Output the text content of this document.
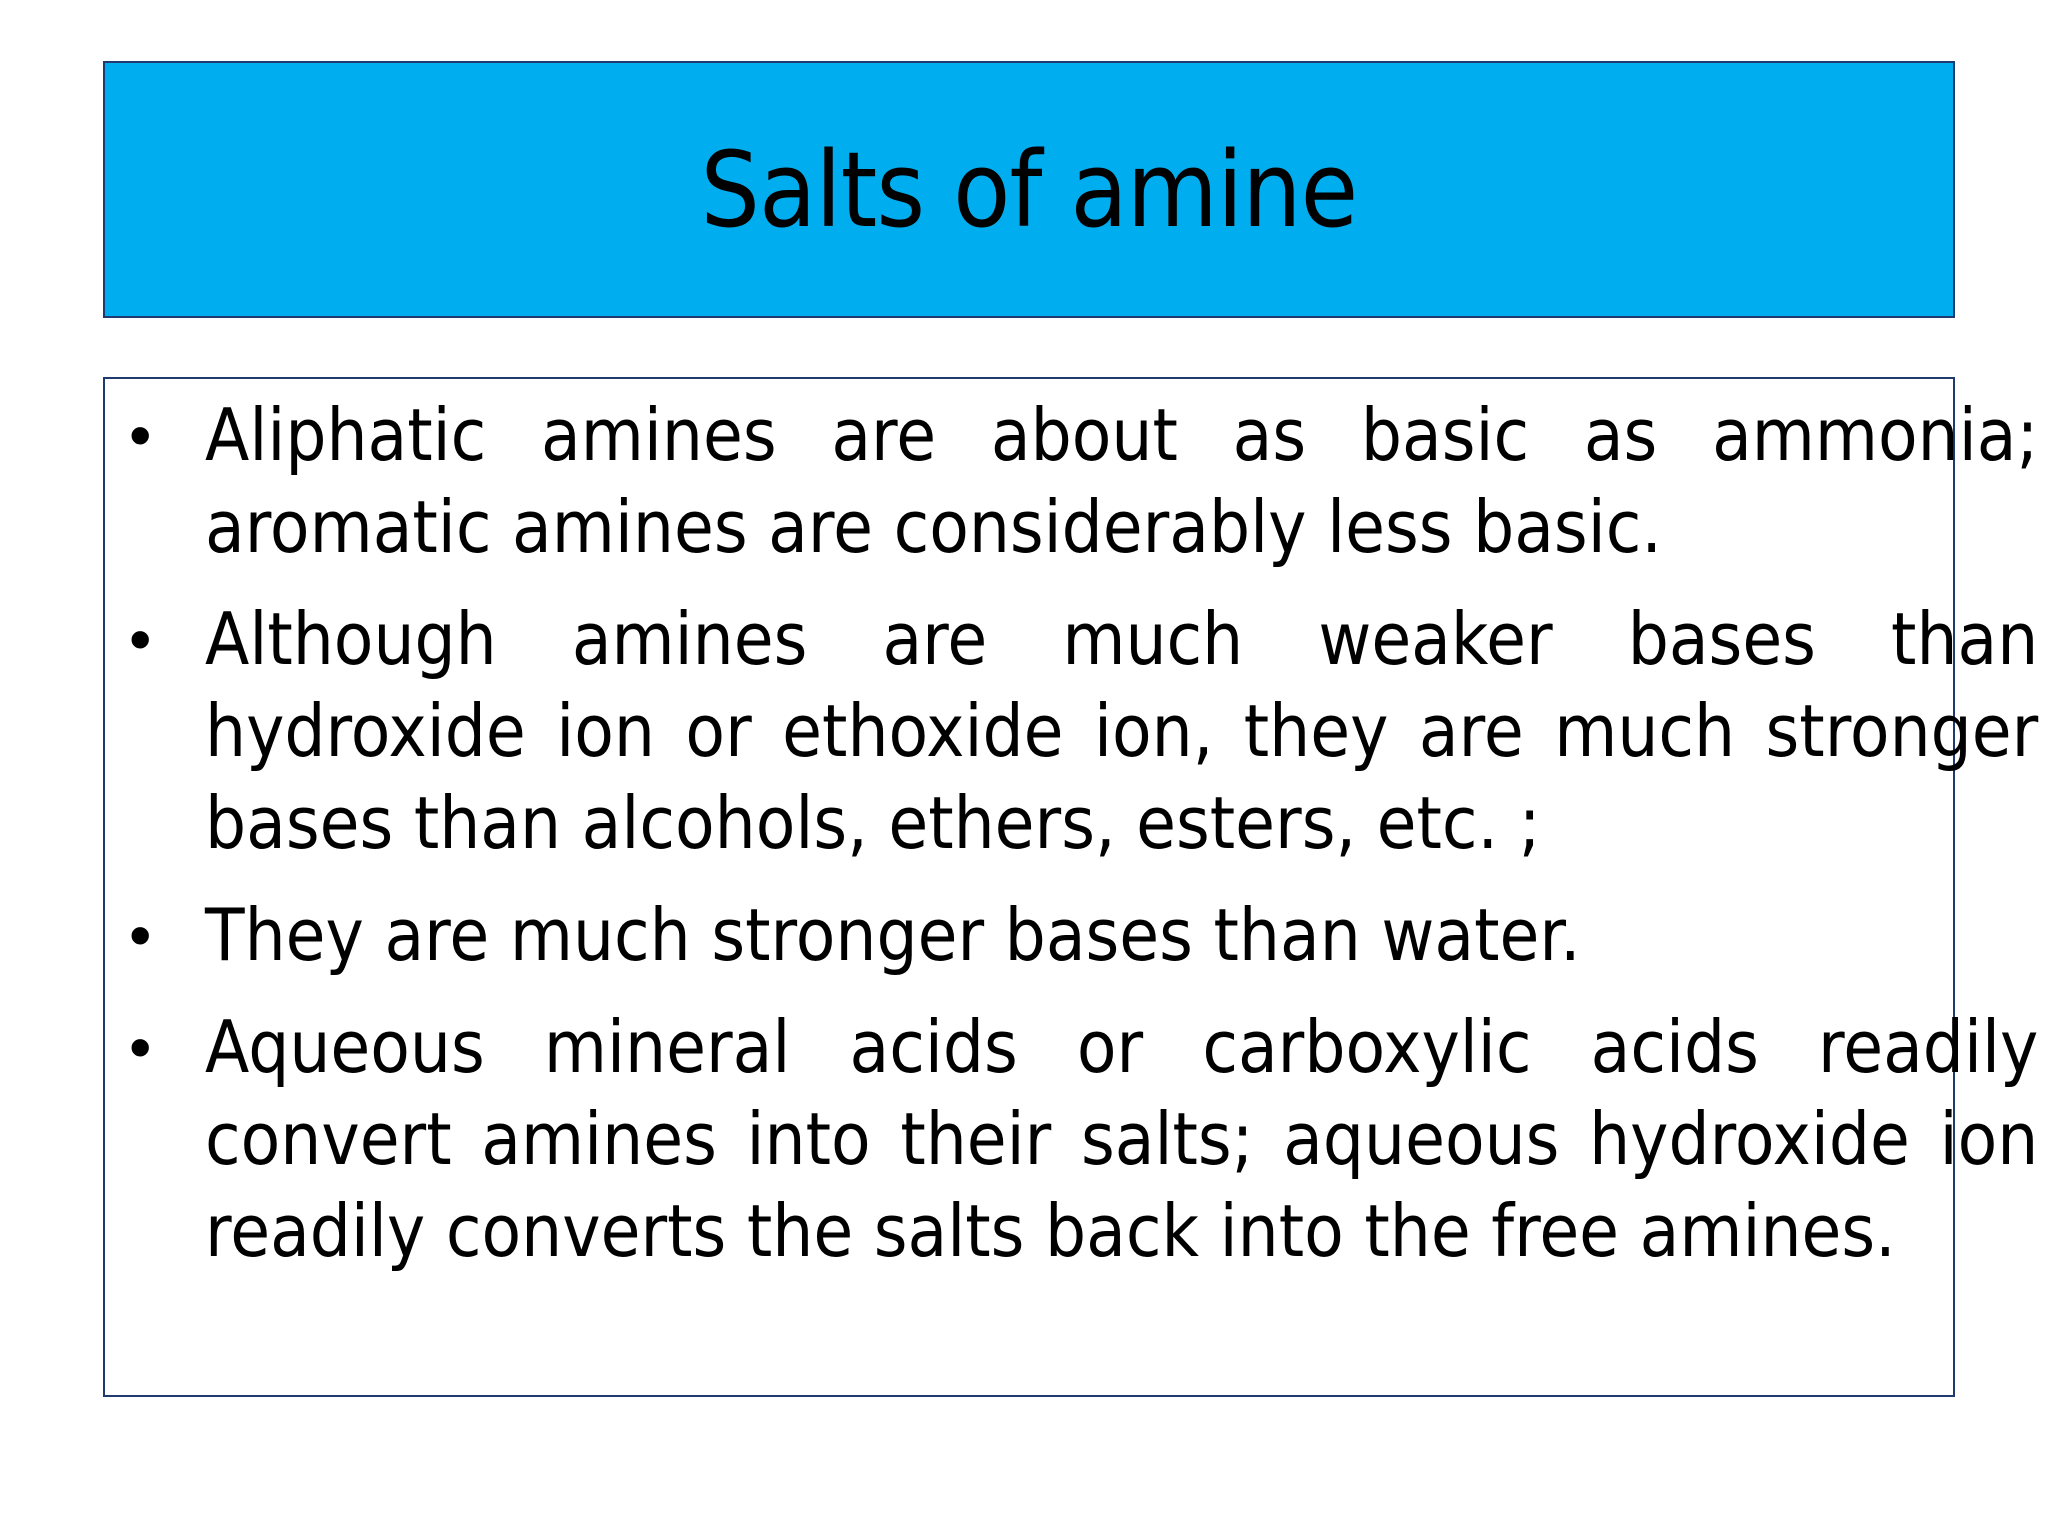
Salts of amine
• Aliphatic amines are about as basic as ammonia; aromatic amines are considerably less basic.
• Although amines are much weaker bases than hydroxide ion or ethoxide ion, they are much stronger bases than alcohols, ethers, esters, etc. ;
• They are much stronger bases than water.
• Aqueous mineral acids or carboxylic acids readily convert amines into their salts; aqueous hydroxide ion readily converts the salts back into the free amines.
